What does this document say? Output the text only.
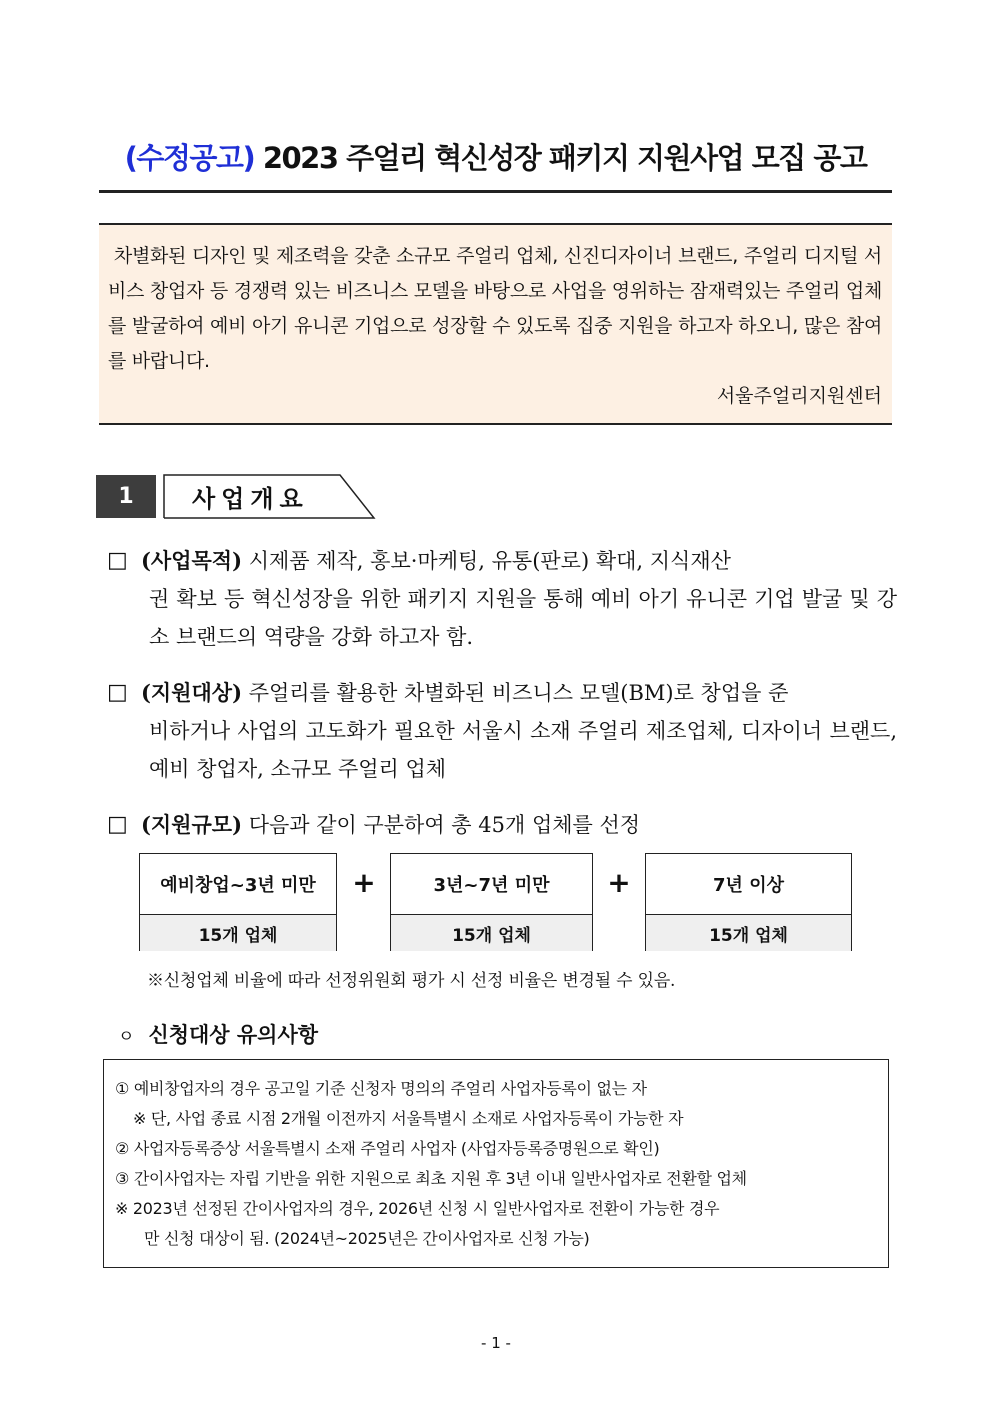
(수정공고) 2023 주얼리 혁신성장 패키지 지원사업 모집 공고
차별화된 디자인 및 제조력을 갖춘 소규모 주얼리 업체, 신진디자이너 브랜드, 주얼리 디지털 서비스 창업자 등 경쟁력 있는 비즈니스 모델을 바탕으로 사업을 영위하는 잠재력있는 주얼리 업체를 발굴하여 예비 아기 유니콘 기업으로 성장할 수 있도록 집중 지원을 하고자 하오니, 많은 참여를 바랍니다.
서울주얼리지원센터
1	사업개요
□ (사업목적) 시제품 제작, 홍보·마케팅, 유통(판로) 확대, 지식재산
권 확보 등 혁신성장을 위한 패키지 지원을 통해 예비 아기 유니콘 기업 발굴 및 강소 브랜드의 역량을 강화 하고자 함.
□ (지원대상) 주얼리를 활용한 차별화된 비즈니스 모델(BM)로 창업을 준
비하거나 사업의 고도화가 필요한 서울시 소재 주얼리 제조업체, 디자이너 브랜드, 예비 창업자, 소규모 주얼리 업체
□ (지원규모) 다음과 같이 구분하여 총 45개 업체를 선정
예비창업~3년 미만
15개 업체
+	3년~7년 미만
15개 업체
+	7년 이상
15개 업체
※신청업체 비율에 따라 선정위원회 평가 시 선정 비율은 변경될 수 있음.
ㅇ 신청대상 유의사항
① 예비창업자의 경우 공고일 기준 신청자 명의의 주얼리 사업자등록이 없는 자
※ 단, 사업 종료 시점 2개월 이전까지 서울특별시 소재로 사업자등록이 가능한 자
② 사업자등록증상 서울특별시 소재 주얼리 사업자 (사업자등록증명원으로 확인)
③ 간이사업자는 자립 기반을 위한 지원으로 최초 지원 후 3년 이내 일반사업자로 전환할 업체
※ 2023년 선정된 간이사업자의 경우, 2026년 신청 시 일반사업자로 전환이 가능한 경우
만 신청 대상이 됨. (2024년~2025년은 간이사업자로 신청 가능)
- 1 -
